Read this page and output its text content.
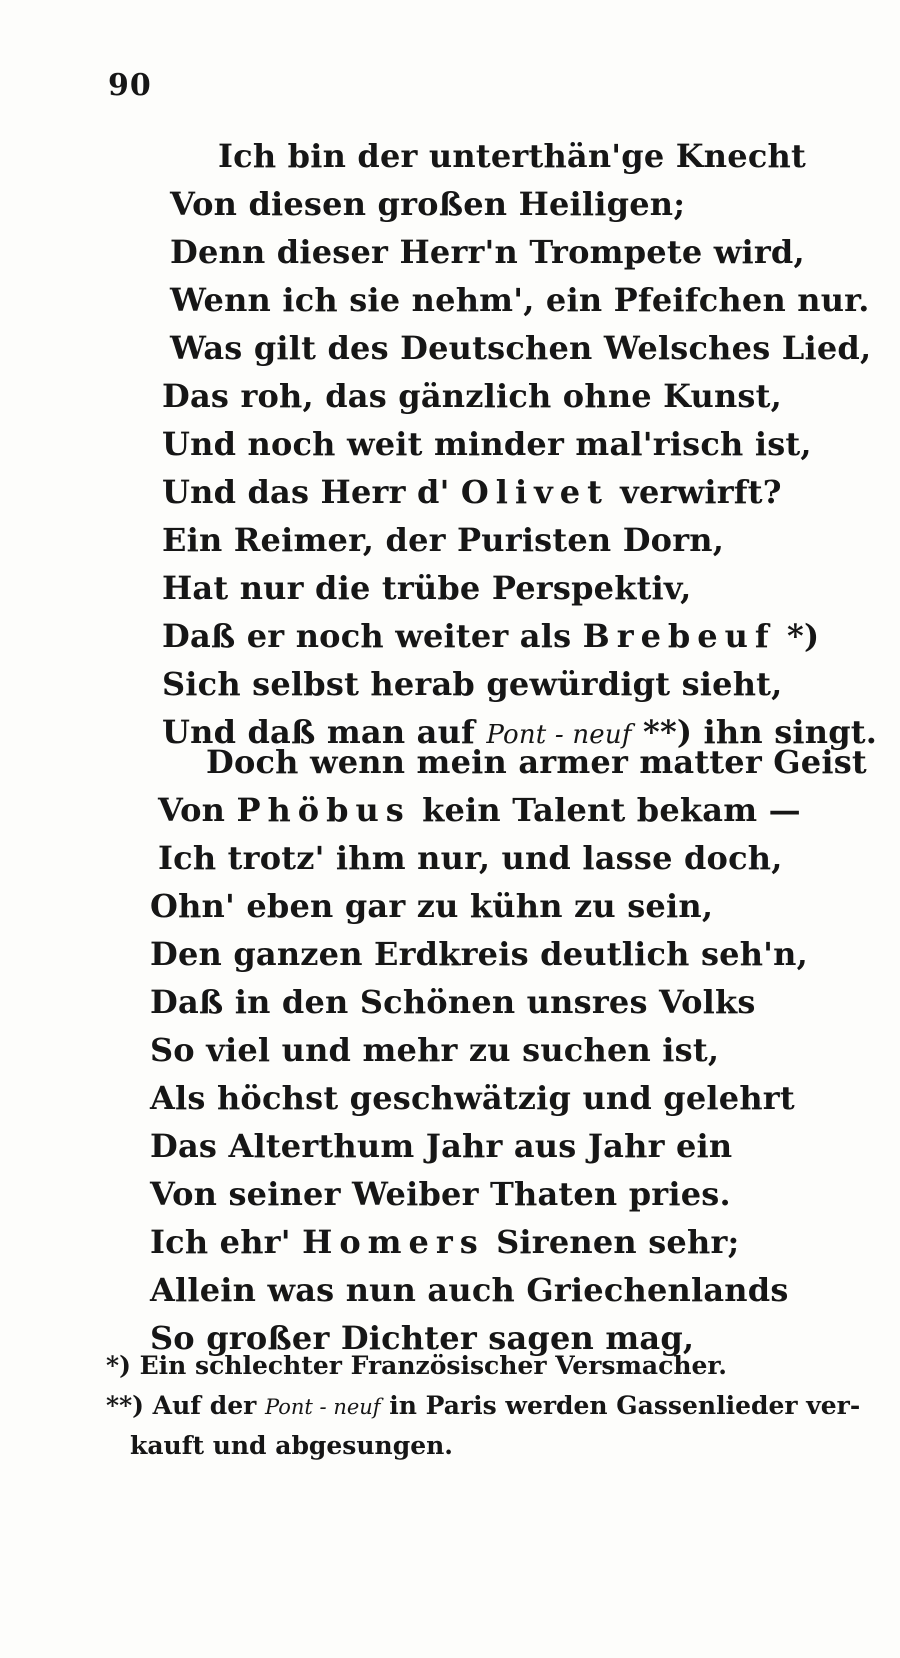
90
Ich bin der unterthän'ge Knecht
Von diesen großen Heiligen;
Denn dieser Herr'n Trompete wird,
Wenn ich sie nehm', ein Pfeifchen nur.
Was gilt des Deutschen Welsches Lied,
Das roh, das gänzlich ohne Kunst,
Und noch weit minder mal'risch ist,
Und das Herr d' Olivet verwirft?
Ein Reimer, der Puristen Dorn,
Hat nur die trübe Perspektiv,
Daß er noch weiter als Brebeuf *)
Sich selbst herab gewürdigt sieht,
Und daß man auf Pont - neuf **) ihn singt.
Doch wenn mein armer matter Geist
Von Phöbus kein Talent bekam —
Ich trotz' ihm nur, und lasse doch,
Ohn' eben gar zu kühn zu sein,
Den ganzen Erdkreis deutlich seh'n,
Daß in den Schönen unsres Volks
So viel und mehr zu suchen ist,
Als höchst geschwätzig und gelehrt
Das Alterthum Jahr aus Jahr ein
Von seiner Weiber Thaten pries.
Ich ehr' Homers Sirenen sehr;
Allein was nun auch Griechenlands
So großer Dichter sagen mag,
*) Ein schlechter Französischer Versmacher.
**) Auf der Pont - neuf in Paris werden Gassenlieder ver-
kauft und abgesungen.
